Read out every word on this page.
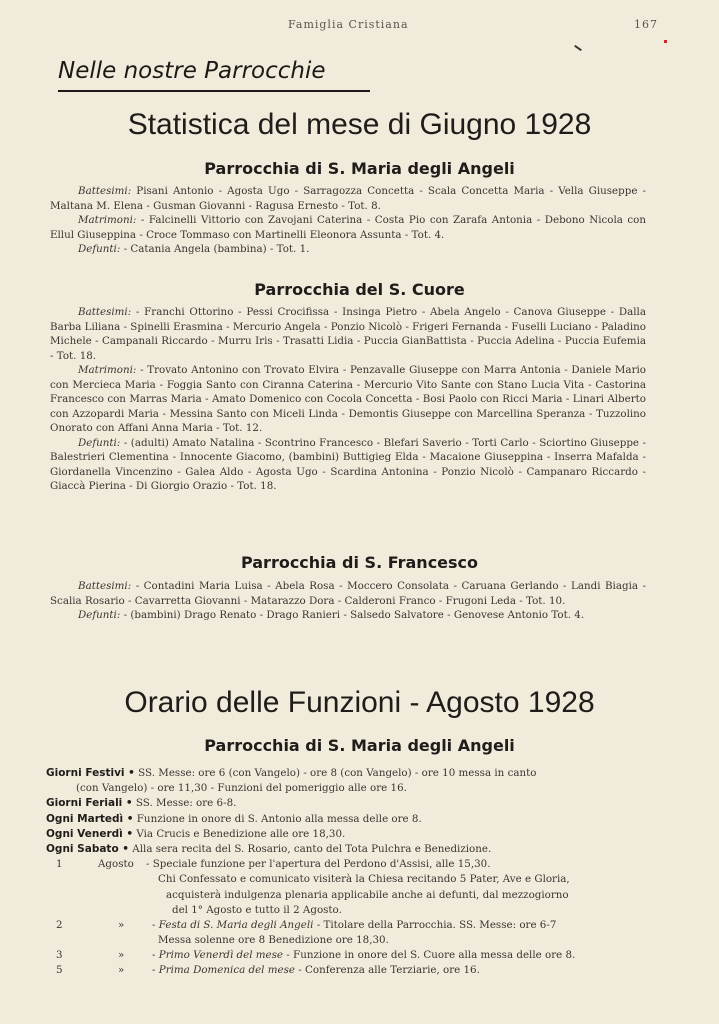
Famiglia Cristiana	167
Nelle nostre Parrocchie
Statistica del mese di Giugno 1928
Parrocchia di S. Maria degli Angeli

Battesimi: Pisani Antonio - Agosta Ugo - Sarragozza Concetta - Scala Concetta Maria - Vella Giuseppe - Maltana M. Elena - Gusman Giovanni - Ragusa Ernesto - Tot. 8.

Matrimoni: - Falcinelli Vittorio con Zavojani Caterina - Costa Pio con Zarafa Antonia - Debono Nicola con Ellul Giuseppina - Croce Tommaso con Martinelli Eleonora Assunta - Tot. 4.

Defunti: - Catania Angela (bambina) - Tot. 1.

Parrocchia del S. Cuore

Battesimi: - Franchi Ottorino - Pessi Crocifissa - Insinga Pietro - Abela Angelo - Canova Giuseppe - Dalla Barba Liliana - Spinelli Erasmina - Mercurio Angela - Ponzio Nicolò - Frigeri Fernanda - Fuselli Luciano - Paladino Michele - Campanali Riccardo - Murru Iris - Trasatti Lidia - Puccia GianBattista - Puccia Adelina - Puccia Eufemia - Tot. 18.

Matrimoni: - Trovato Antonino con Trovato Elvira - Penzavalle Giuseppe con Marra Antonia - Daniele Mario con Merci̇eca Maria - Foggia Santo con Ciranna Caterina - Mercurio Vito Sante con Stano Lucia Vita - Castorina Francesco con Marras Maria - Amato Domenico con Cocola Concetta - Bosi Paolo con Ricci Maria - Linari Alberto con Azzopardi Maria - Messina Santo con Miceli Linda - Demontis Giuseppe con Marcellina Speranza - Tuzzolino Onorato con Affani Anna Maria - Tot. 12.

Defunti: - (adulti) Amato Natalina - Scontrino Francesco - Blefari Saverio - Torti Carlo - Sciortino Giuseppe - Balestrieri Clementina - Innocente Giacomo, (bambini) Buttigieg Elda - Macaione Giuseppina - Inserra Mafalda - Giordanella Vincenzino - Galea Aldo - Agosta Ugo - Scardina Antonina - Ponzio Nicolò - Campanaro Riccardo - Giaccà Pierina - Di Giorgio Orazio - Tot. 18.

Parrocchia di S. Francesco

Battesimi: - Contadini Maria Luisa - Abela Rosa - Moccero Consolata - Caruana Gerlando - Landi Biagia - Scalia Rosario - Cavarretta Giovanni - Matarazzo Dora - Calderoni Franco - Frugoni Leda - Tot. 10.

Defunti: - (bambini) Drago Renato - Drago Ranieri - Salsedo Salvatore - Genovese Antonio Tot. 4.

Orario delle Funzioni - Agosto 1928
Parrocchia di S. Maria degli Angeli
Giorni Festivi • SS. Messe: ore 6 (con Vangelo) - ore 8 (con Vangelo) - ore 10 messa in canto
(con Vangelo) - ore 11,30 - Funzioni del pomeriggio alle ore 16.
Giorni Feriali • SS. Messe: ore 6-8.
Ogni Martedì • Funzione in onore di S. Antonio alla messa delle ore 8.
Ogni Venerdì • Via Crucis e Benedizione alle ore 18,30.
Ogni Sabato • Alla sera recita del S. Rosario, canto del Tota Pulchra e Benedizione.
1	Agosto - Speciale funzione per l'apertura del Perdono d'Assisi, alle 15,30.
Chi Confessato e comunicato visiterà la Chiesa recitando 5 Pater, Ave e Gloria,
acquisterà indulgenza plenaria applicabile anche ai defunti, dal mezzogiorno
del 1° Agosto e tutto il 2 Agosto.
2	»	- Festa di S. Maria degli Angeli - Titolare della Parrocchia. SS. Messe: ore 6-7
Messa solenne ore 8 Benedizione ore 18,30.
3	»	- Primo Venerdì del mese - Funzione in onore del S. Cuore alla messa delle ore 8.
5	»	- Prima Domenica del mese - Conferenza alle Terziarie, ore 16.
